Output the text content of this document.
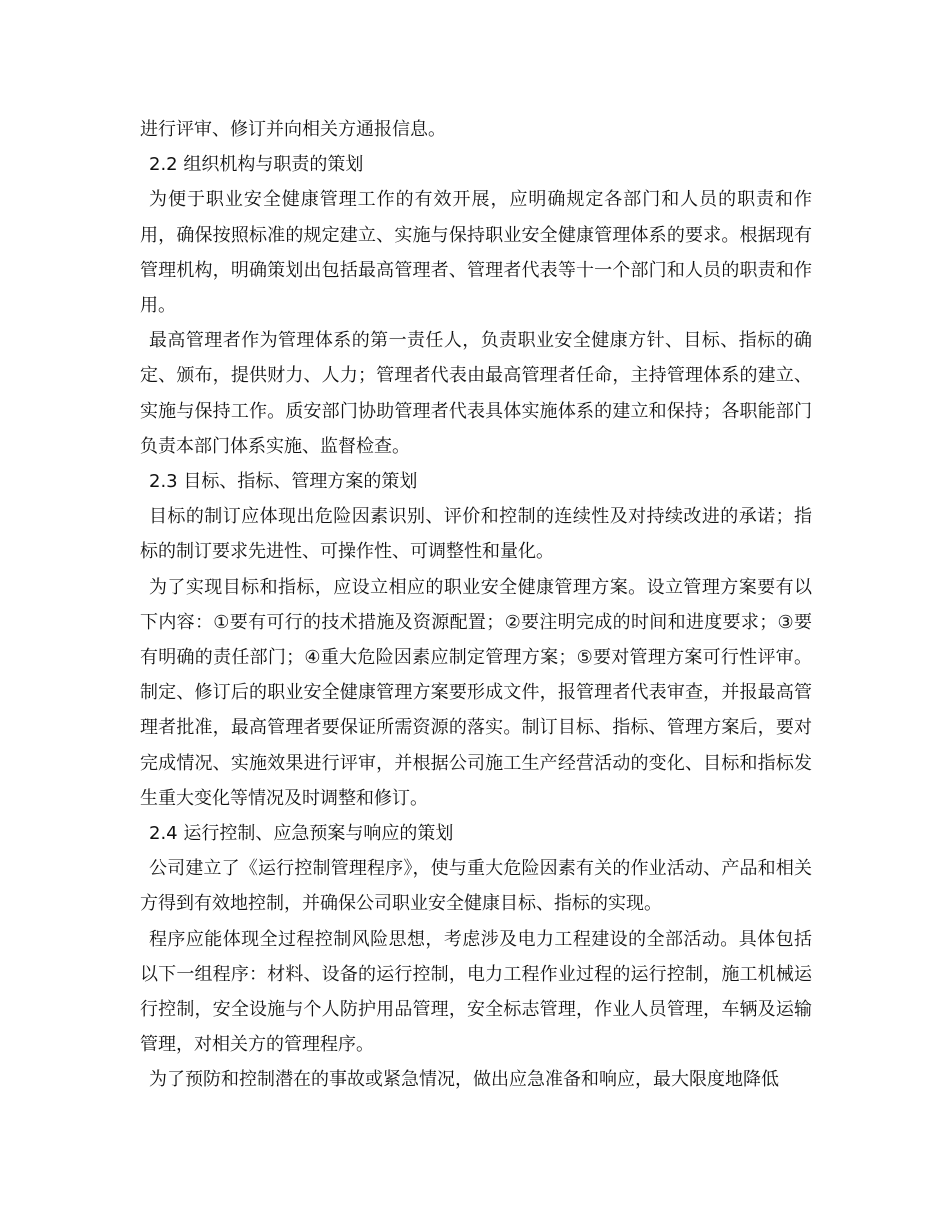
进行评审、修订并向相关方通报信息。

2.2 组织机构与职责的策划

为便于职业安全健康管理工作的有效开展，应明确规定各部门和人员的职责和作用，确保按照标准的规定建立、实施与保持职业安全健康管理体系的要求。根据现有管理机构，明确策划出包括最高管理者、管理者代表等十一个部门和人员的职责和作用。

最高管理者作为管理体系的第一责任人，负责职业安全健康方针、目标、指标的确定、颁布，提供财力、人力；管理者代表由最高管理者任命，主持管理体系的建立、实施与保持工作。质安部门协助管理者代表具体实施体系的建立和保持；各职能部门负责本部门体系实施、监督检查。

2.3 目标、指标、管理方案的策划

目标的制订应体现出危险因素识别、评价和控制的连续性及对持续改进的承诺；指标的制订要求先进性、可操作性、可调整性和量化。

为了实现目标和指标，应设立相应的职业安全健康管理方案。设立管理方案要有以下内容：①要有可行的技术措施及资源配置；②要注明完成的时间和进度要求；③要有明确的责任部门；④重大危险因素应制定管理方案；⑤要对管理方案可行性评审。制定、修订后的职业安全健康管理方案要形成文件，报管理者代表审查，并报最高管理者批准，最高管理者要保证所需资源的落实。制订目标、指标、管理方案后，要对完成情况、实施效果进行评审，并根据公司施工生产经营活动的变化、目标和指标发生重大变化等情况及时调整和修订。

2.4 运行控制、应急预案与响应的策划

公司建立了《运行控制管理程序》，使与重大危险因素有关的作业活动、产品和相关方得到有效地控制，并确保公司职业安全健康目标、指标的实现。

程序应能体现全过程控制风险思想，考虑涉及电力工程建设的全部活动。具体包括以下一组程序：材料、设备的运行控制，电力工程作业过程的运行控制，施工机械运行控制，安全设施与个人防护用品管理，安全标志管理，作业人员管理，车辆及运输管理，对相关方的管理程序。

为了预防和控制潜在的事故或紧急情况，做出应急准备和响应，最大限度地降低
